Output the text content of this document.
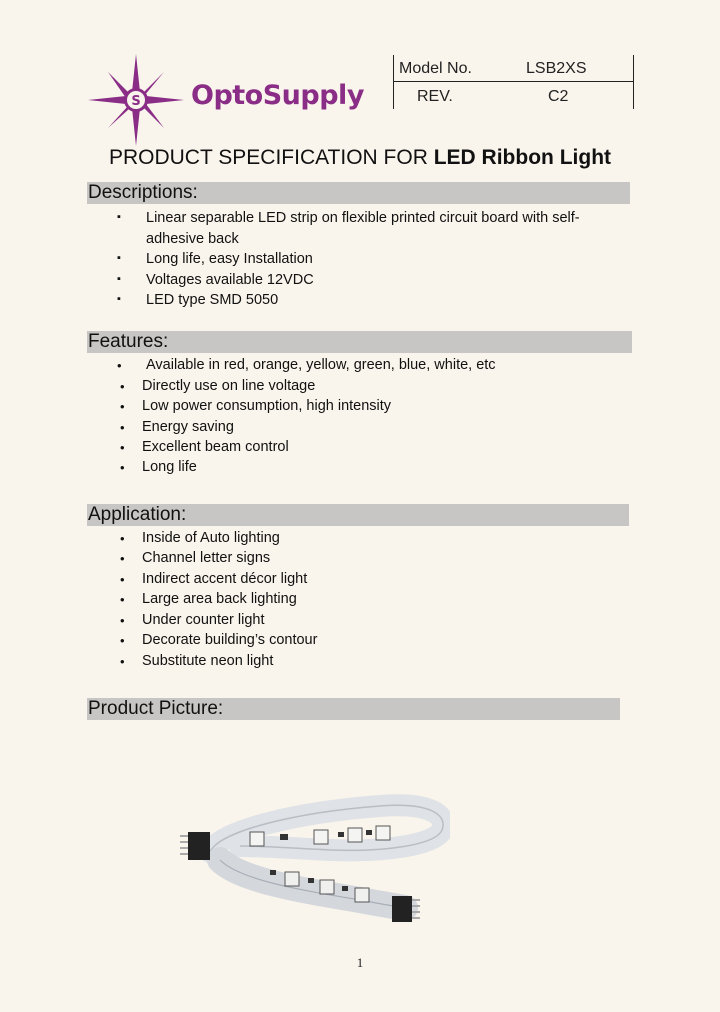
S OptoSupply
Model No.	LSB2XS
REV.	C2
PRODUCT SPECIFICATION FOR LED Ribbon Light
Descriptions:
▪ Linear separable LED strip on flexible printed circuit board with self-
adhesive back
▪ Long life, easy Installation
▪ Voltages available 12VDC
▪ LED type SMD 5050
Features:
• Available in red, orange, yellow, green, blue, white, etc
• Directly use on line voltage
• Low power consumption, high intensity
• Energy saving
• Excellent beam control
• Long life
Application:
• Inside of Auto lighting
• Channel letter signs
• Indirect accent décor light
• Large area back lighting
• Under counter light
• Decorate building’s contour
• Substitute neon light
Product Picture:
1
